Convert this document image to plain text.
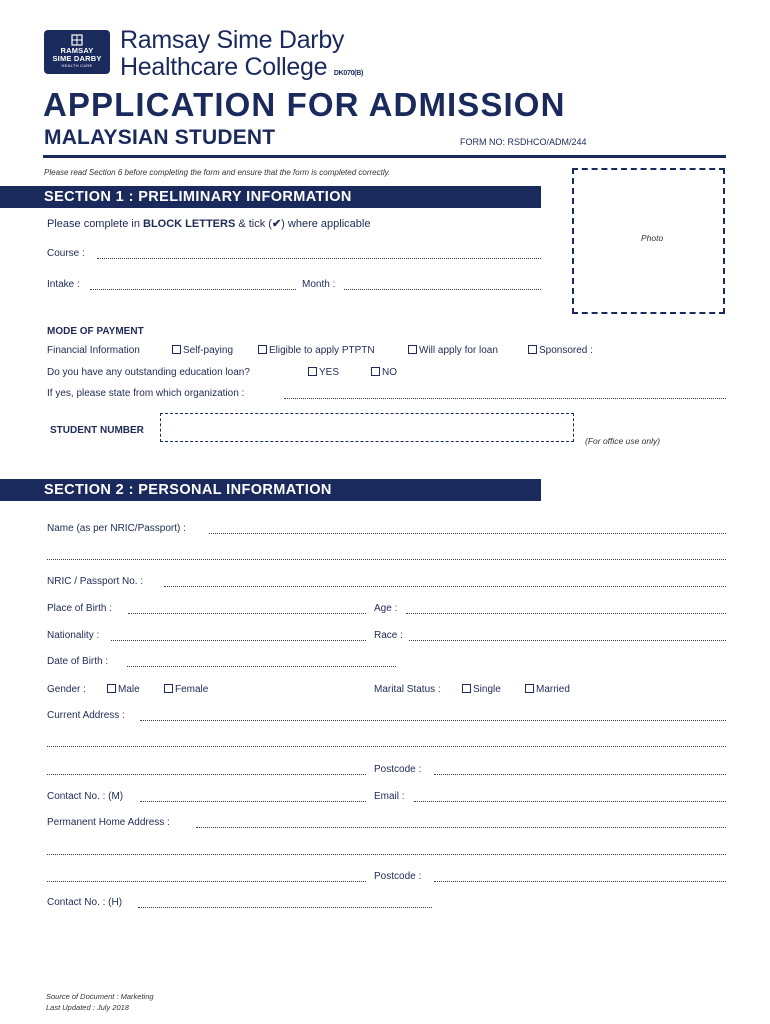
RAMSAY
SIME DARBY
HEALTH CARE
Ramsay Sime Darby
Healthcare College DK070(B)
APPLICATION FOR ADMISSION
MALAYSIAN STUDENT	FORM NO: RSDHCO/ADM/244
Please read Section 6 before completing the form and ensure that the form is completed correctly.
Photo
SECTION 1 : PRELIMINARY INFORMATION
Please complete in BLOCK LETTERS & tick (✔) where applicable
Course :
Intake :	Month :
MODE OF PAYMENT
Financial Information	Self-paying	Eligible to apply PTPTN	Will apply for loan	Sponsored :
Do you have any outstanding education loan?	YES	NO
If yes, please state from which organization :
STUDENT NUMBER
(For office use only)
SECTION 2 : PERSONAL INFORMATION
Name (as per NRIC/Passport) :
NRIC / Passport No. :
Place of Birth :	Age :
Nationality :	Race :
Date of Birth :
Gender :	Male	Female	Marital Status :	Single	Married
Current Address :
Postcode :
Contact No. : (M)	Email :
Permanent Home Address :
Postcode :
Contact No. : (H)
Source of Document : Marketing
Last Updated : July 2018
